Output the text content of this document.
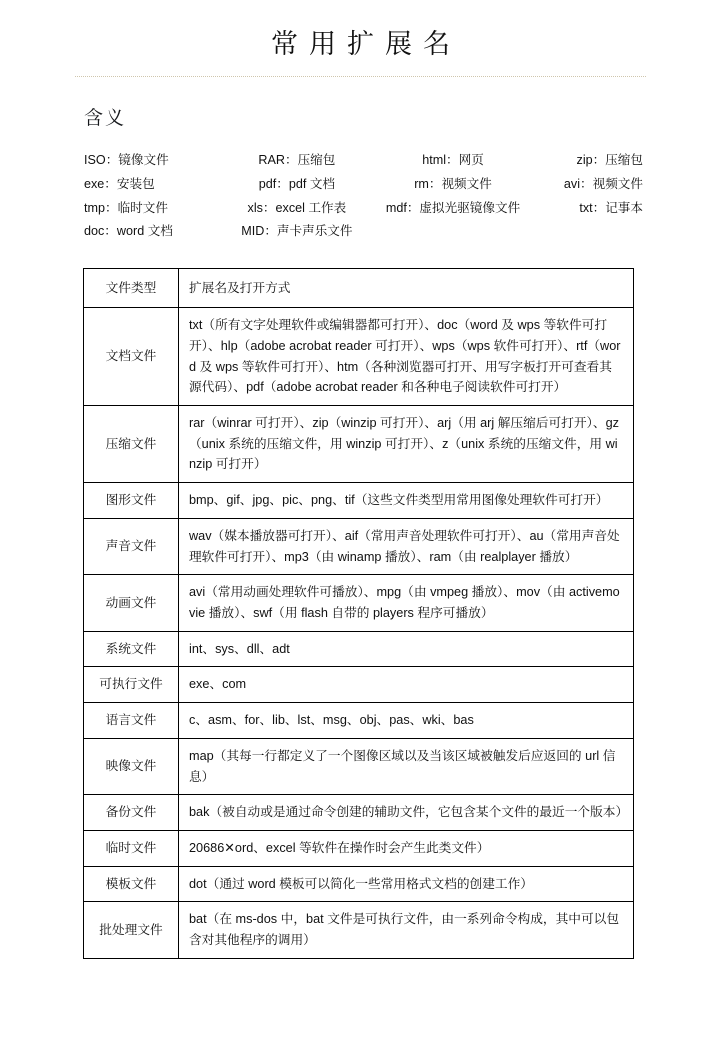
常用扩展名
含义
ISO：镜像文件	RAR：压缩包	html：网页	zip：压缩包
exe：安装包	pdf：pdf 文档	rm：视频文件	avi：视频文件
tmp：临时文件	xls：excel 工作表	mdf：虚拟光驱镜像文件	txt：记事本
doc：word 文档	MID：声卡声乐文件
文件类型	扩展名及打开方式
文档文件	txt（所有文字处理软件或编辑器都可打开）、doc（word 及 wps 等软件可打开）、hlp（adobe acrobat reader 可打开）、wps（wps 软件可打开）、rtf（word 及 wps 等软件可打开）、htm（各种浏览器可打开、用写字板打开可查看其源代码）、pdf（adobe acrobat reader 和各种电子阅读软件可打开）
压缩文件	rar（winrar 可打开）、zip（winzip 可打开）、arj（用 arj 解压缩后可打开）、gz（unix 系统的压缩文件，用 winzip 可打开）、z（unix 系统的压缩文件，用 winzip 可打开）
图形文件	bmp、gif、jpg、pic、png、tif（这些文件类型用常用图像处理软件可打开）
声音文件	wav（媒本播放器可打开）、aif（常用声音处理软件可打开）、au（常用声音处理软件可打开）、mp3（由 winamp 播放）、ram（由 realplayer 播放）
动画文件	avi（常用动画处理软件可播放）、mpg（由 vmpeg 播放）、mov（由 activemovie 播放）、swf（用 flash 自带的 players 程序可播放）
系统文件	int、sys、dll、adt
可执行文件	exe、com
语言文件	c、asm、for、lib、lst、msg、obj、pas、wki、bas
映像文件	map（其每一行都定义了一个图像区域以及当该区域被触发后应返回的 url 信息）
备份文件	bak（被自动或是通过命令创建的辅助文件，它包含某个文件的最近一个版本）
临时文件	20686✕ord、excel 等软件在操作时会产生此类文件）
模板文件	dot（通过 word 模板可以简化一些常用格式文档的创建工作）
批处理文件	bat（在 ms-dos 中，bat 文件是可执行文件，由一系列命令构成，其中可以包含对其他程序的调用）
